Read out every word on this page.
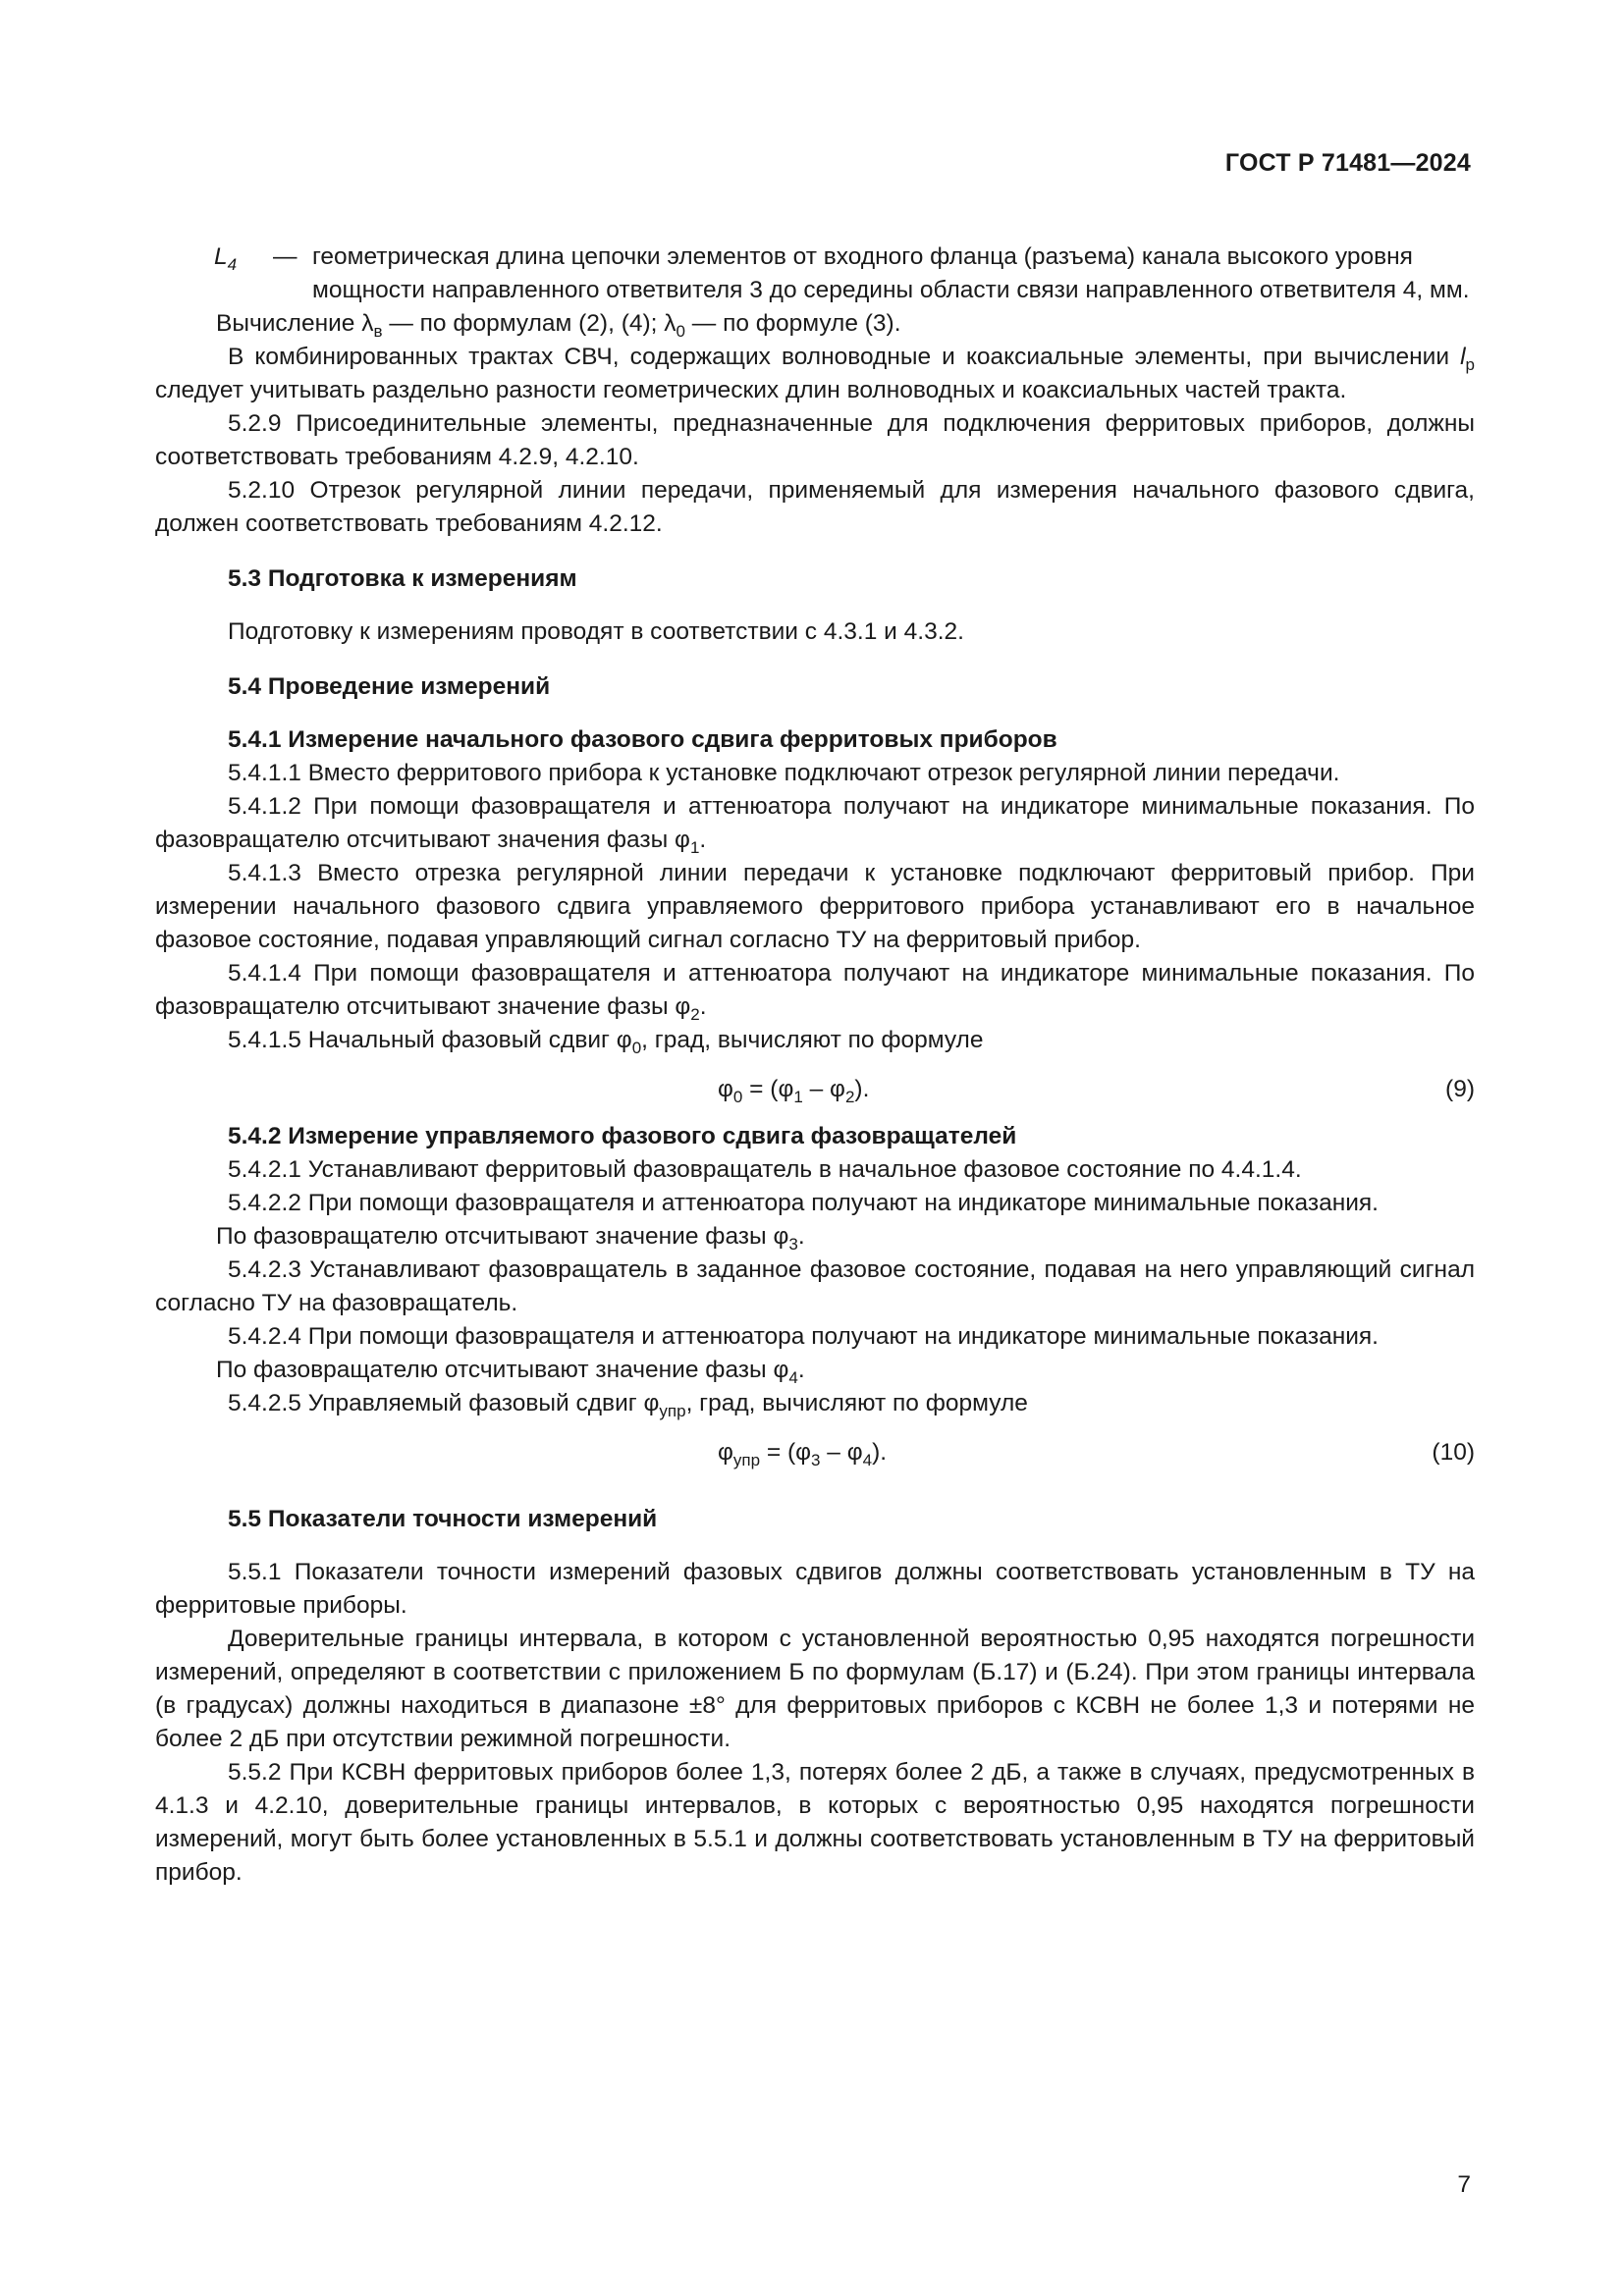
ГОСТ Р 71481—2024
$L_4$	— геометрическая длина цепочки элементов от входного фланца (разъема) канала высокого уровня мощности направленного ответвителя 3 до середины области связи направленного ответвителя 4, мм.

Вычисление $\lambda_в$ — по формулам (2), (4); $\lambda_0$ — по формуле (3).

В комбинированных трактах СВЧ, содержащих волноводные и коаксиальные элементы, при вычислении $l_р$ следует учитывать раздельно разности геометрических длин волноводных и коаксиальных частей тракта.

5.2.9 Присоединительные элементы, предназначенные для подключения ферритовых приборов, должны соответствовать требованиям 4.2.9, 4.2.10.

5.2.10 Отрезок регулярной линии передачи, применяемый для измерения начального фазового сдвига, должен соответствовать требованиям 4.2.12.

5.3 Подготовка к измерениям

Подготовку к измерениям проводят в соответствии с 4.3.1 и 4.3.2.

5.4 Проведение измерений

5.4.1 Измерение начального фазового сдвига ферритовых приборов

5.4.1.1 Вместо ферритового прибора к установке подключают отрезок регулярной линии передачи.

5.4.1.2 При помощи фазовращателя и аттенюатора получают на индикаторе минимальные показания. По фазовращателю отсчитывают значения фазы $\varphi_1$.

5.4.1.3 Вместо отрезка регулярной линии передачи к установке подключают ферритовый прибор. При измерении начального фазового сдвига управляемого ферритового прибора устанавливают его в начальное фазовое состояние, подавая управляющий сигнал согласно ТУ на ферритовый прибор.

5.4.1.4 При помощи фазовращателя и аттенюатора получают на индикаторе минимальные показания. По фазовращателю отсчитывают значение фазы $\varphi_2$.

5.4.1.5 Начальный фазовый сдвиг $\varphi_0$, град, вычисляют по формуле

$\varphi_0 = (\varphi_1 - \varphi_2)$.	(9)

5.4.2 Измерение управляемого фазового сдвига фазовращателей

5.4.2.1 Устанавливают ферритовый фазовращатель в начальное фазовое состояние по 4.4.1.4.

5.4.2.2 При помощи фазовращателя и аттенюатора получают на индикаторе минимальные показания.

По фазовращателю отсчитывают значение фазы $\varphi_3$.

5.4.2.3 Устанавливают фазовращатель в заданное фазовое состояние, подавая на него управляющий сигнал согласно ТУ на фазовращатель.

5.4.2.4 При помощи фазовращателя и аттенюатора получают на индикаторе минимальные показания.

По фазовращателю отсчитывают значение фазы $\varphi_4$.

5.4.2.5 Управляемый фазовый сдвиг $\varphi_{упр}$, град, вычисляют по формуле

$\varphi_{упр} = (\varphi_3 - \varphi_4)$.	(10)

5.5 Показатели точности измерений

5.5.1 Показатели точности измерений фазовых сдвигов должны соответствовать установленным в ТУ на ферритовые приборы.

Доверительные границы интервала, в котором с установленной вероятностью 0,95 находятся погрешности измерений, определяют в соответствии с приложением Б по формулам (Б.17) и (Б.24). При этом границы интервала (в градусах) должны находиться в диапазоне ±8° для ферритовых приборов с КСВН не более 1,3 и потерями не более 2 дБ при отсутствии режимной погрешности.

5.5.2 При КСВН ферритовых приборов более 1,3, потерях более 2 дБ, а также в случаях, предусмотренных в 4.1.3 и 4.2.10, доверительные границы интервалов, в которых с вероятностью 0,95 находятся погрешности измерений, могут быть более установленных в 5.5.1 и должны соответствовать установленным в ТУ на ферритовый прибор.

7
